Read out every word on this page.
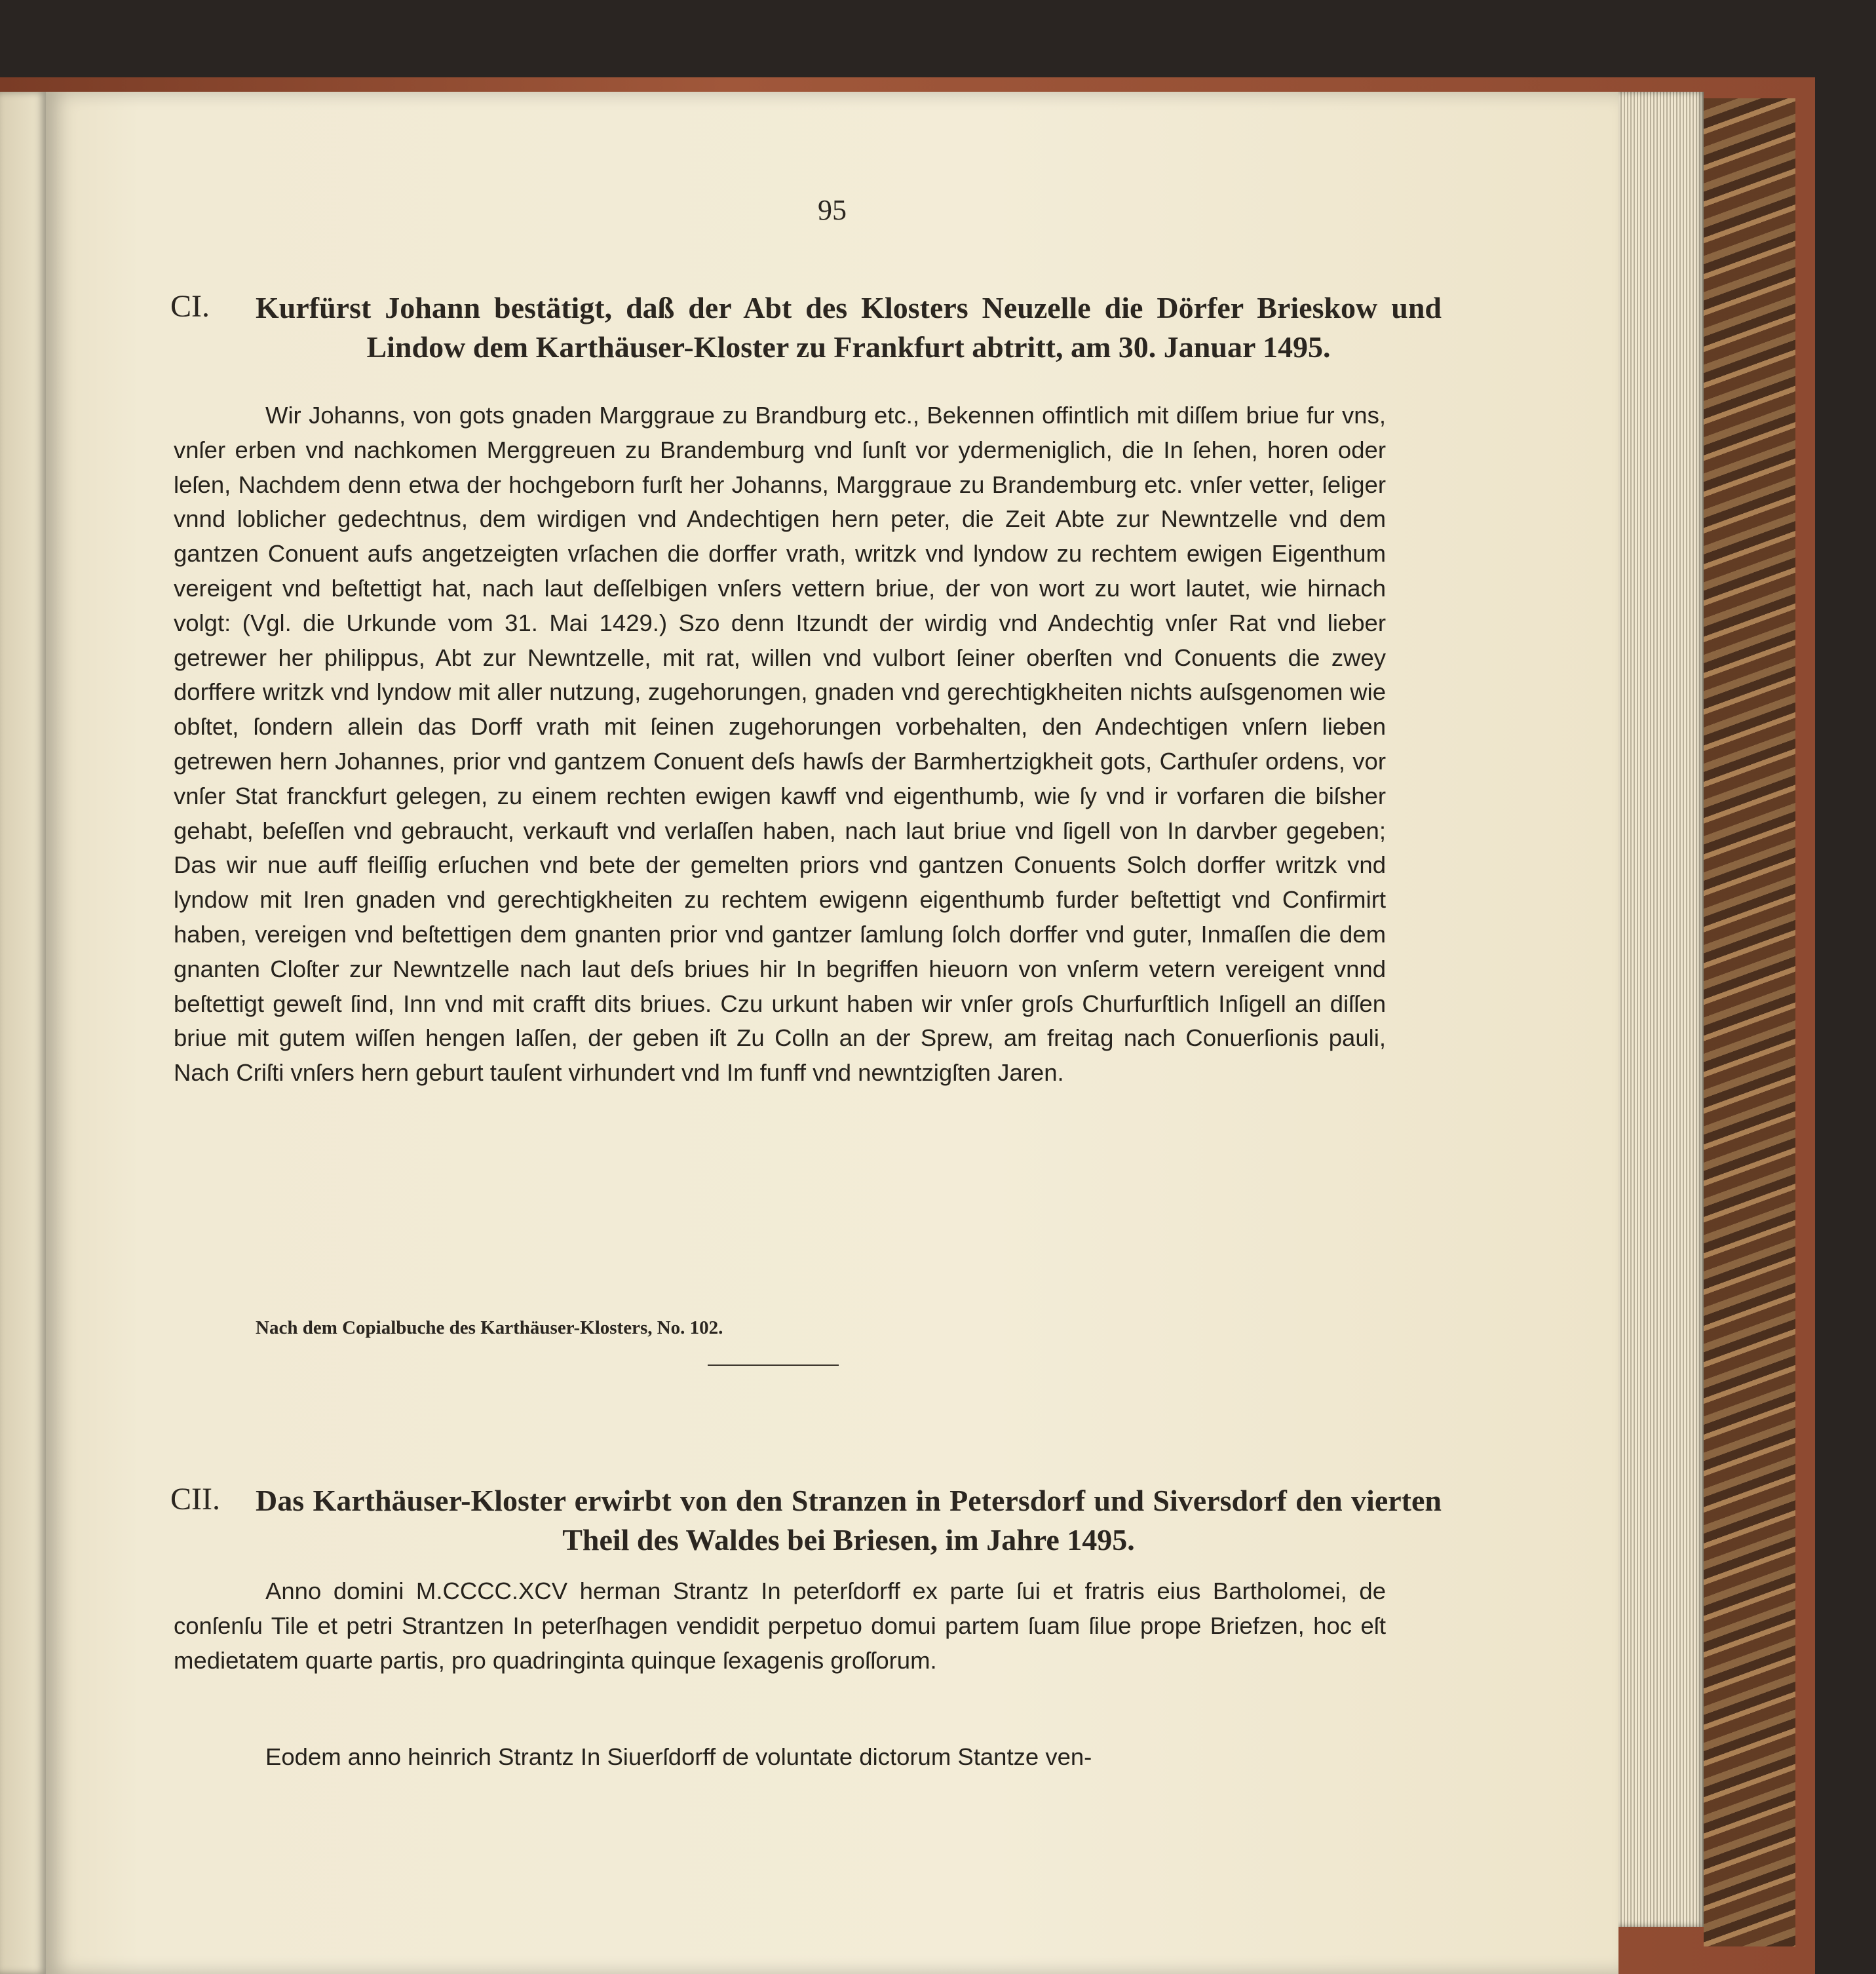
95

CI. Kurfürst Johann bestätigt, daß der Abt des Klosters Neuzelle die Dörfer Brieskow und Lindow dem Karthäuser-Kloster zu Frankfurt abtritt, am 30. Januar 1495.

Wir Johanns, von gots gnaden Marggraue zu Brandburg etc., Bekennen offintlich mit diſſem briue fur vns, vnſer erben vnd nachkomen Merggreuen zu Brandemburg vnd ſunſt vor ydermeniglich, die In ſehen, horen oder leſen, Nachdem denn etwa der hochgeborn furſt her Johanns, Marggraue zu Brandemburg etc. vnſer vetter, ſeliger vnnd loblicher gedechtnus, dem wirdigen vnd Andechtigen hern peter, die Zeit Abte zur Newntzelle vnd dem gantzen Conuent aufs angetzeigten vrſachen die dorffer vrath, writzk vnd lyndow zu rechtem ewigen Eigenthum vereigent vnd beſtettigt hat, nach laut deſſelbigen vnſers vettern briue, der von wort zu wort lautet, wie hirnach volgt: (Vgl. die Urkunde vom 31. Mai 1429.) Szo denn Itzundt der wirdig vnd Andechtig vnſer Rat vnd lieber getrewer her philippus, Abt zur Newntzelle, mit rat, willen vnd vulbort ſeiner oberſten vnd Conuents die zwey dorffere writzk vnd lyndow mit aller nutzung, zugehorungen, gnaden vnd gerechtigkheiten nichts auſsgenomen wie obſtet, ſondern allein das Dorff vrath mit ſeinen zugehorungen vorbehalten, den Andechtigen vnſern lieben getrewen hern Johannes, prior vnd gantzem Conuent deſs hawſs der Barmhertzigkheit gots, Carthuſer ordens, vor vnſer Stat franckfurt gelegen, zu einem rechten ewigen kawff vnd eigenthumb, wie ſy vnd ir vorfaren die biſsher gehabt, beſeſſen vnd gebraucht, verkauft vnd verlaſſen haben, nach laut briue vnd ſigell von In darvber gegeben; Das wir nue auff fleiſſig erſuchen vnd bete der gemelten priors vnd gantzen Conuents Solch dorffer writzk vnd lyndow mit Iren gnaden vnd gerechtigkheiten zu rechtem ewigenn eigenthumb furder beſtettigt vnd Confirmirt haben, vereigen vnd beſtettigen dem gnanten prior vnd gantzer ſamlung ſolch dorffer vnd guter, Inmaſſen die dem gnanten Cloſter zur Newntzelle nach laut deſs briues hir In begriffen hieuorn von vnſerm vetern vereigent vnnd beſtettigt geweſt ſind, Inn vnd mit crafft dits briues. Czu urkunt haben wir vnſer groſs Churfurſtlich Inſigell an diſſen briue mit gutem wiſſen hengen laſſen, der geben iſt Zu Colln an der Sprew, am freitag nach Conuerſionis pauli, Nach Criſti vnſers hern geburt tauſent virhundert vnd Im funff vnd newntzigſten Jaren.

Nach dem Copialbuche des Karthäuser-Klosters, No. 102.

CII. Das Karthäuser-Kloster erwirbt von den Stranzen in Petersdorf und Siversdorf den vierten Theil des Waldes bei Briesen, im Jahre 1495.

Anno domini M.CCCC.XCV herman Strantz In peterſdorff ex parte ſui et fratris eius Bartholomei, de conſenſu Tile et petri Strantzen In peterſhagen vendidit perpetuo domui partem ſuam ſilue prope Briefzen, hoc eſt medietatem quarte partis, pro quadringinta quinque ſexagenis groſſorum.

Eodem anno heinrich Strantz In Siuerſdorff de voluntate dictorum Stantze ven-
